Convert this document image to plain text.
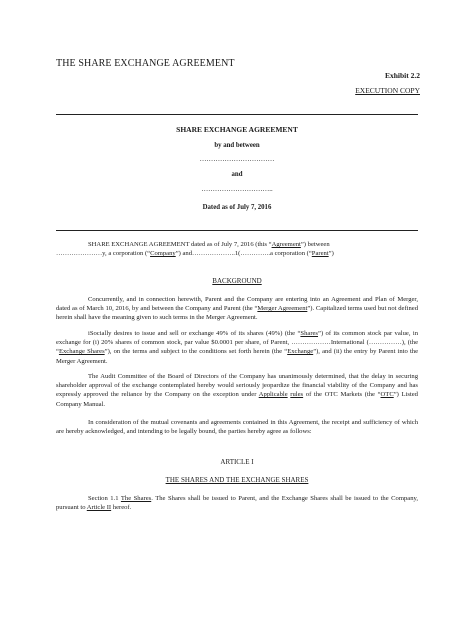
THE SHARE EXCHANGE AGREEMENT
Exhibit 2.2
EXECUTION COPY
SHARE EXCHANGE AGREEMENT
by and between
……………………………
and
…………………………..
Dated as of July 7, 2016

SHARE EXCHANGE AGREEMENT dated as of July 7, 2016 (this “Agreement”) between

…………………y, a corporation (“Company”) and………………..1(…………..a corporation (“Parent”)

BACKGROUND

Concurrently, and in connection herewith, Parent and the Company are entering into an Agreement and Plan of Merger, dated as of March 10, 2016, by and between the Company and Parent (the “Merger Agreement”). Capitalized terms used but not defined herein shall have the meaning given to such terms in the Merger Agreement.

iSocially desires to issue and sell or exchange 49% of its shares (49%) (the “Shares”) of its common stock par value, in exchange for (i) 20% shares of common stock, par value $0.0001 per share, of Parent, ………………International (……………), (the “Exchange Shares”), on the terms and subject to the conditions set forth herein (the “Exchange”), and (ii) the entry by Parent into the Merger Agreement.

The Audit Committee of the Board of Directors of the Company has unanimously determined, that the delay in securing shareholder approval of the exchange contemplated hereby would seriously jeopardize the financial viability of the Company and has expressly approved the reliance by the Company on the exception under Applicable rules of the OTC Markets (the “OTC”) Listed Company Manual.

In consideration of the mutual covenants and agreements contained in this Agreement, the receipt and sufficiency of which are hereby acknowledged, and intending to be legally bound, the parties hereby agree as follows:

ARTICLE I
THE SHARES AND THE EXCHANGE SHARES

Section 1.1 The Shares. The Shares shall be issued to Parent, and the Exchange Shares shall be issued to the Company, pursuant to Article II hereof.
